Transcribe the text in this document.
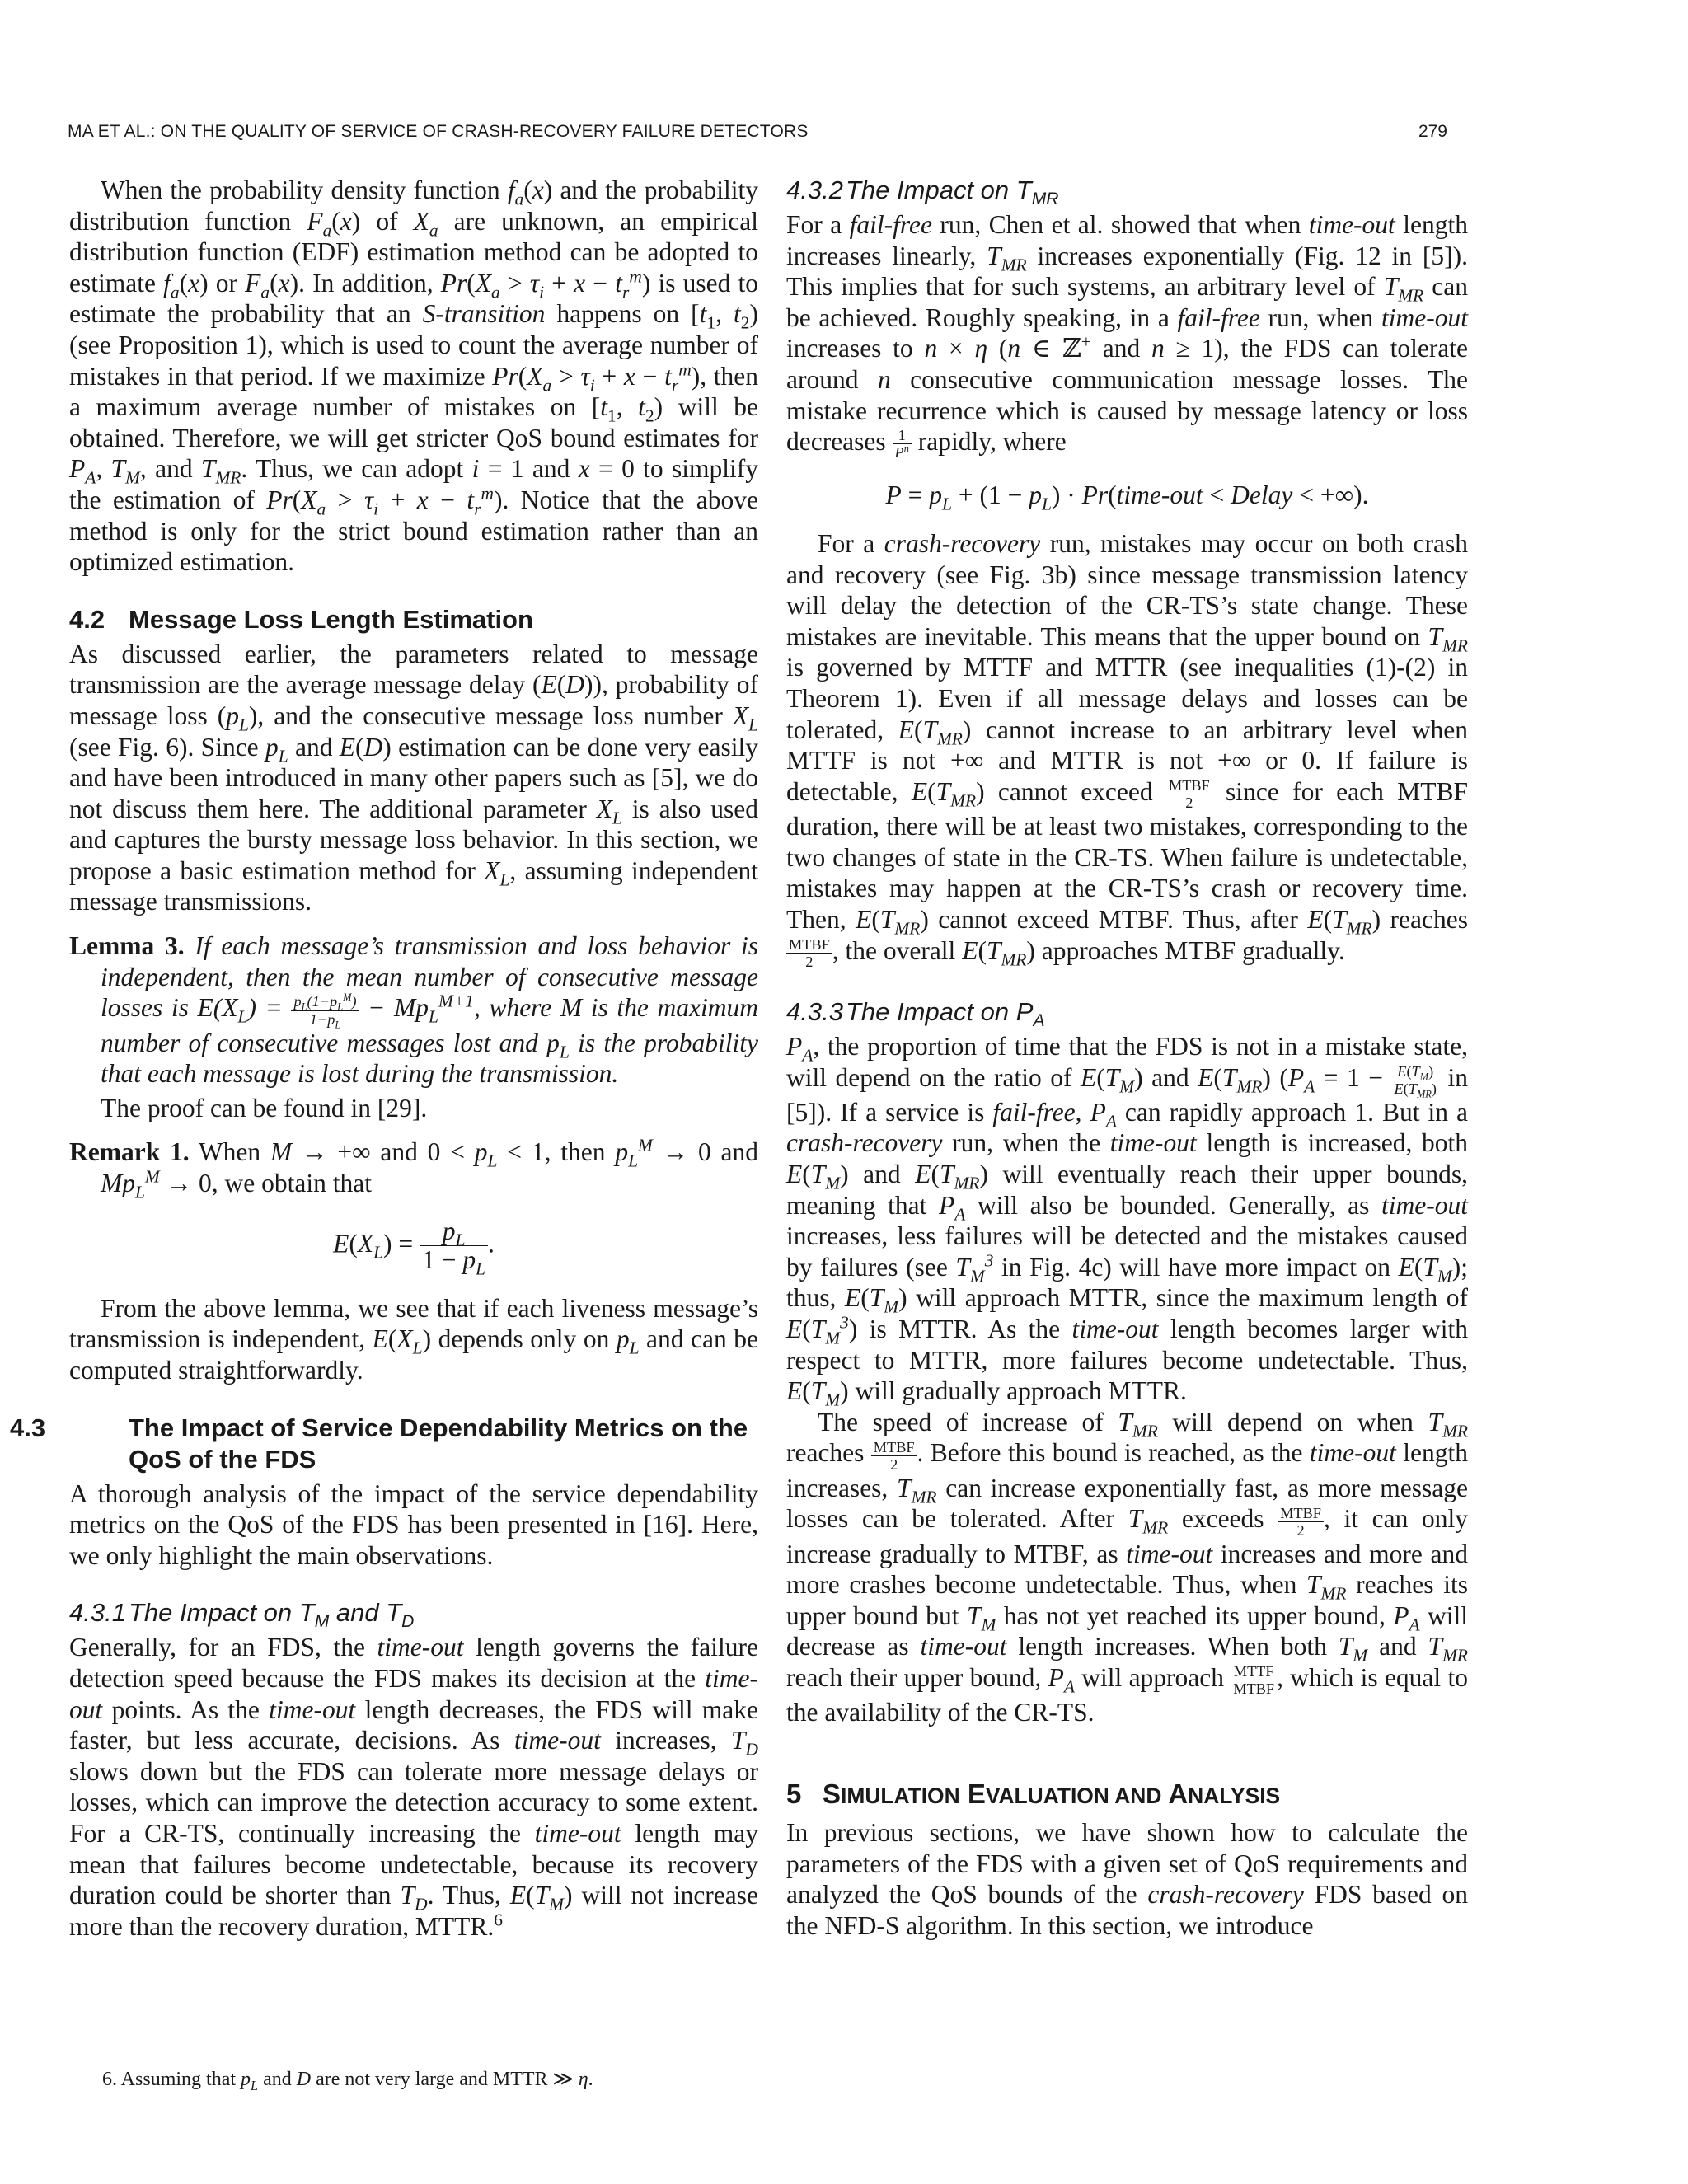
MA ET AL.: ON THE QUALITY OF SERVICE OF CRASH-RECOVERY FAILURE DETECTORS	279

When the probability density function $f_a(x)$ and the probability distribution function $F_a(x)$ of $X_a$ are unknown, an empirical distribution function (EDF) estimation method can be adopted to estimate $f_a(x)$ or $F_a(x)$. In addition, $Pr(X_a > \tau_i + x - t_r^m)$ is used to estimate the probability that an S-transition happens on [$t_1$, $t_2$) (see Proposition 1), which is used to count the average number of mistakes in that period. If we maximize $Pr(X_a > \tau_i + x - t_r^m)$, then a maximum average number of mistakes on [$t_1$, $t_2$) will be obtained. Therefore, we will get stricter QoS bound estimates for $P_A$, $T_M$, and $T_{MR}$. Thus, we can adopt i = 1 and x = 0 to simplify the estimation of $Pr(X_a > \tau_i + x - t_r^m)$. Notice that the above method is only for the strict bound estimation rather than an optimized estimation.

4.2 Message Loss Length Estimation

As discussed earlier, the parameters related to message transmission are the average message delay (E(D)), probability of message loss $(p_L)$, and the consecutive message loss number $X_L$ (see Fig. 6). Since $p_L$ and E(D) estimation can be done very easily and have been introduced in many other papers such as [5], we do not discuss them here. The additional parameter $X_L$ is also used and captures the bursty message loss behavior. In this section, we propose a basic estimation method for $X_L$, assuming independent message transmissions.

Lemma 3. If each message’s transmission and loss behavior is independent, then the mean number of consecutive message losses is $E(X_L) = \frac{p_L(1-p_L^M)}{1-p_L} - Mp_L^{M+1}$, where M is the maximum number of consecutive messages lost and $p_L$ is the probability that each message is lost during the transmission.

The proof can be found in [29].

Remark 1. When M → +∞ and $0 < p_L < 1$, then $p_L^M \to 0$ and $Mp_L^M \to 0$, we obtain that

$E(X_L) = \frac{p_L}{1 - p_L}$ .

From the above lemma, we see that if each liveness message’s transmission is independent, $E(X_L)$ depends only on $p_L$ and can be computed straightforwardly.

4.3	The Impact of Service Dependability Metrics on the QoS of the FDS

A thorough analysis of the impact of the service dependability metrics on the QoS of the FDS has been presented in [16]. Here, we only highlight the main observations.

4.3.1The Impact on $T_M$ and $T_D$

Generally, for an FDS, the time-out length governs the failure detection speed because the FDS makes its decision at the time-out points. As the time-out length decreases, the FDS will make faster, but less accurate, decisions. As time-out increases, $T_D$ slows down but the FDS can tolerate more message delays or losses, which can improve the detection accuracy to some extent. For a CR-TS, continually increasing the time-out length may mean that failures become undetectable, because its recovery duration could be shorter than $T_D$. Thus, $E(T_M)$ will not increase more than the recovery duration, MTTR.$^6$

6. Assuming that $p_L$ and D are not very large and MTTR ≫ η.
4.3.2The Impact on $T_{MR}$

For a fail-free run, Chen et al. showed that when time-out length increases linearly, $T_{MR}$ increases exponentially (Fig. 12 in [5]). This implies that for such systems, an arbitrary level of $T_{MR}$ can be achieved. Roughly speaking, in a fail-free run, when time-out increases to n × η (n ∈ ℤ+ and n ≥ 1), the FDS can tolerate around n consecutive communication message losses. The mistake recurrence which is caused by message latency or loss decreases $\frac{1}{P^n}$ rapidly, where

$P = p_L + (1 - p_L)$ · Pr(time-out < Delay < +∞).

For a crash-recovery run, mistakes may occur on both crash and recovery (see Fig. 3b) since message transmission latency will delay the detection of the CR-TS’s state change. These mistakes are inevitable. This means that the upper bound on $T_{MR}$ is governed by MTTF and MTTR (see inequalities (1)-(2) in Theorem 1). Even if all message delays and losses can be tolerated, $E(T_{MR})$ cannot increase to an arbitrary level when MTTF is not +∞ and MTTR is not +∞ or 0. If failure is detectable, $E(T_{MR})$ cannot exceed $\frac{\text{MTBF}}{2}$ since for each MTBF duration, there will be at least two mistakes, corresponding to the two changes of state in the CR-TS. When failure is undetectable, mistakes may happen at the CR-TS’s crash or recovery time. Then, $E(T_{MR})$ cannot exceed MTBF. Thus, after $E(T_{MR})$ reaches
$\frac{\text{MTBF}}{2}$ , the overall $E(T_{MR})$ approaches MTBF gradually.

4.3.3The Impact on $P_A$

$P_A$, the proportion of time that the FDS is not in a mistake state, will depend on the ratio of $E(T_M)$ and $E(T_{MR}) (P_A = 1 - \frac{E(T_M)}{E(T_{MR})}$ in [5]). If a service is fail-free, $P_A$ can rapidly approach 1. But in a crash-recovery run, when the time-out length is increased, both $E(T_M)$ and $E(T_{MR})$ will eventually reach their upper bounds, meaning that $P_A$ will also be bounded. Generally, as time-out increases, less failures will be detected and the mistakes caused by failures (see $T_M^3$ in Fig. 4c) will have more impact on $E(T_M)$; thus, $E(T_M)$ will approach MTTR, since the maximum length of $E(T_M^3)$ is MTTR. As the time-out length becomes larger with respect to MTTR, more failures become undetectable. Thus, $E(T_M)$ will gradually approach MTTR.

The speed of increase of $T_{MR}$ will depend on when $T_{MR}$ reaches $\frac{\text{MTBF}}{2}$ . Before this bound is reached, as the time-out length increases, $T_{MR}$ can increase exponentially fast, as more message losses can be tolerated. After $T_{MR}$ exceeds $\frac{\text{MTBF}}{2}$ , it can only increase gradually to MTBF, as time-out increases and more and more crashes become undetectable. Thus, when $T_{MR}$ reaches its upper bound but $T_M$ has not yet reached its upper bound, $P_A$ will decrease as time-out length increases. When both $T_M$ and $T_{MR}$ reach their upper bound, $P_A$ will approach $\frac{\text{MTTF}}{\text{MTBF}}$ , which is equal to the availability of the CR-TS.

5 SIMULATION EVALUATION AND ANALYSIS

In previous sections, we have shown how to calculate the parameters of the FDS with a given set of QoS requirements and analyzed the QoS bounds of the crash-recovery FDS based on the NFD-S algorithm. In this section, we introduce
